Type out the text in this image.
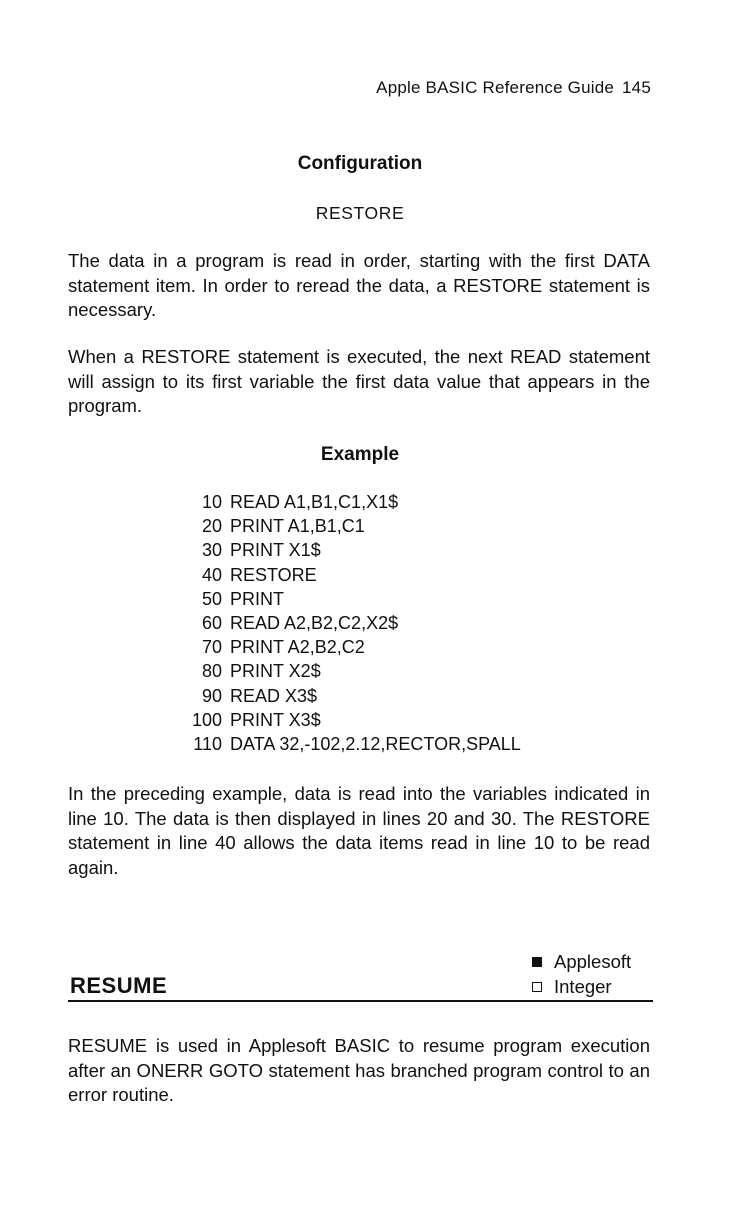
Apple BASIC Reference Guide 145
Configuration
RESTORE

The data in a program is read in order, starting with the first DATA statement item. In order to reread the data, a RESTORE statement is necessary.

When a RESTORE statement is executed, the next READ statement will assign to its first variable the first data value that appears in the program.

Example
10 READ A1,B1,C1,X1$
20 PRINT A1,B1,C1
30 PRINT X1$
40 RESTORE
50 PRINT
60 READ A2,B2,C2,X2$
70 PRINT A2,B2,C2
80 PRINT X2$
90 READ X3$
100 PRINT X3$
110 DATA 32,-102,2.12,RECTOR,SPALL

In the preceding example, data is read into the variables indicated in line 10. The data is then displayed in lines 20 and 30. The RESTORE statement in line 40 allows the data items read in line 10 to be read again.

RESUME
Applesoft
Integer

RESUME is used in Applesoft BASIC to resume program execution after an ONERR GOTO statement has branched program control to an error routine.
